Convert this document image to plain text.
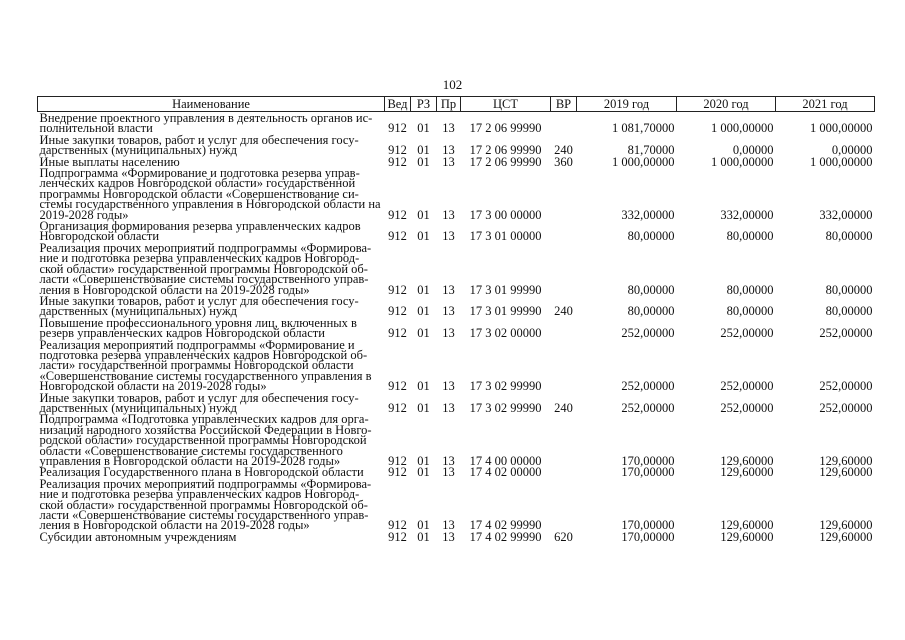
102
Наименование	Вед	РЗ	Пр	ЦСТ	ВР	2019 год	2020 год	2021 год
Внедрение проектного управления в деятельность органов ис-полнительной власти	912	01	13	17 2 06 99990		1 081,70000	1 000,00000	1 000,00000
Иные закупки товаров, работ и услуг для обеспечения госу-дарственных (муниципальных) нужд	912	01	13	17 2 06 99990	240	81,70000	0,00000	0,00000
Иные выплаты населению	912	01	13	17 2 06 99990	360	1 000,00000	1 000,00000	1 000,00000
Подпрограмма «Формирование и подготовка резерва управ-ленческих кадров Новгородской области» государственной программы Новгородской области «Совершенствование си-стемы государственного управления в Новгородской области на 2019-2028 годы»	912	01	13	17 3 00 00000		332,00000	332,00000	332,00000
Организация формирования резерва управленческих кадров Новгородской области	912	01	13	17 3 01 00000		80,00000	80,00000	80,00000
Реализация прочих мероприятий подпрограммы «Формирова-ние и подготовка резерва управленческих кадров Новгород-ской области» государственной программы Новгородской об-ласти «Совершенствование системы государственного управ-ления в Новгородской области на 2019-2028 годы»	912	01	13	17 3 01 99990		80,00000	80,00000	80,00000
Иные закупки товаров, работ и услуг для обеспечения госу-дарственных (муниципальных) нужд	912	01	13	17 3 01 99990	240	80,00000	80,00000	80,00000
Повышение профессионального уровня лиц, включенных в резерв управленческих кадров Новгородской области	912	01	13	17 3 02 00000		252,00000	252,00000	252,00000
Реализация мероприятий подпрограммы «Формирование и подготовка резерва управленческих кадров Новгородской об-ласти» государственной программы Новгородской области «Совершенствование системы государственного управления в Новгородской области на 2019-2028 годы»	912	01	13	17 3 02 99990		252,00000	252,00000	252,00000
Иные закупки товаров, работ и услуг для обеспечения госу-дарственных (муниципальных) нужд	912	01	13	17 3 02 99990	240	252,00000	252,00000	252,00000
Подпрограмма «Подготовка управленческих кадров для орга-низаций народного хозяйства Российской Федерации в Новго-родской области» государственной программы Новгородской области «Совершенствование системы государственного управления в Новгородской области на 2019-2028 годы»	912	01	13	17 4 00 00000		170,00000	129,60000	129,60000
Реализация Государственного плана в Новгородской области	912	01	13	17 4 02 00000		170,00000	129,60000	129,60000
Реализация прочих мероприятий подпрограммы «Формирова-ние и подготовка резерва управленческих кадров Новгород-ской области» государственной программы Новгородской об-ласти «Совершенствование системы государственного управ-ления в Новгородской области на 2019-2028 годы»	912	01	13	17 4 02 99990		170,00000	129,60000	129,60000
Субсидии автономным учреждениям	912	01	13	17 4 02 99990	620	170,00000	129,60000	129,60000
